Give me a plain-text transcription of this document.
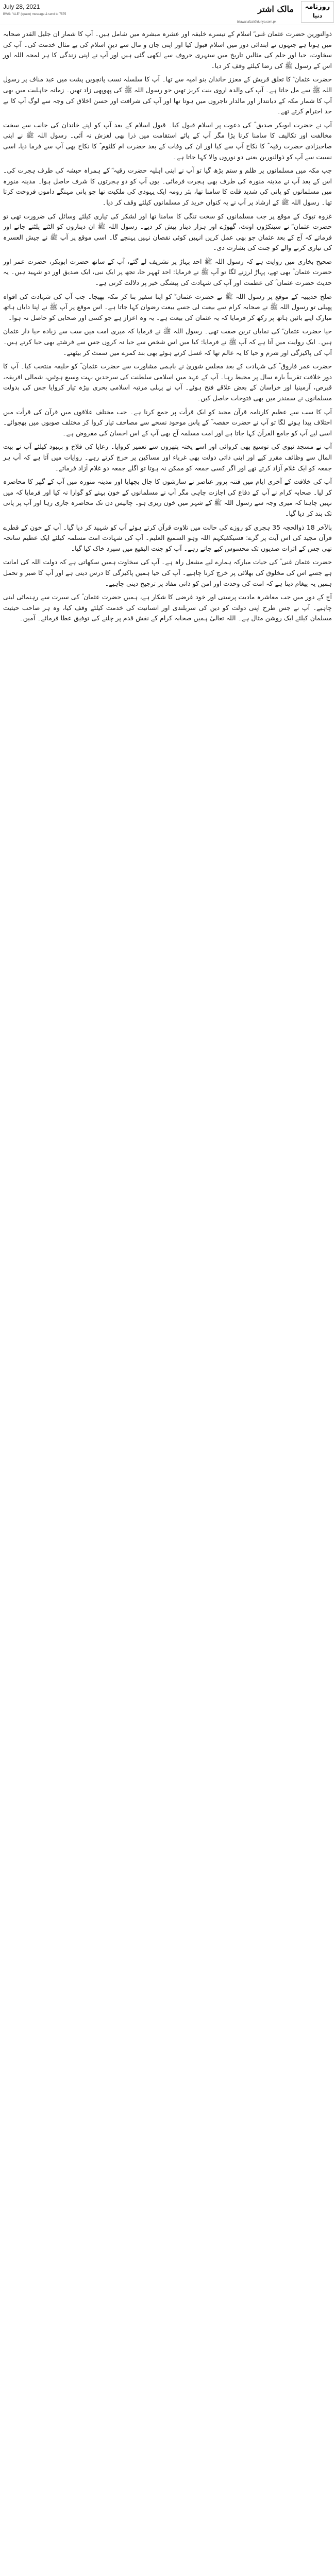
July 28, 2021
BWS: "ALE" (space) message & send to 7575
bilawal.afzal@dunya.com.pk
مالک اشتر	روزنامہ
دنیا

ذوالنورین حضرت عثمان غنی ؓ اسلام کے تیسرے خلیفہ اور عشرہ مبشرہ میں شامل ہیں۔ آپ کا شمار ان جلیل القدر صحابہ میں ہوتا ہے جنہوں نے ابتدائی دور میں اسلام قبول کیا اور اپنی جان و مال سے دینِ اسلام کی بے مثال خدمت کی۔ آپ کی سخاوت، حیا اور حلم کی مثالیں تاریخ میں سنہری حروف سے لکھی گئی ہیں اور آپ نے اپنی زندگی کا ہر لمحہ اللہ اور اس کے رسول ﷺ کی رضا کیلئے وقف کر دیا۔

حضرت عثمان ؓ کا تعلق قریش کے معزز خاندان بنو امیہ سے تھا۔ آپ کا سلسلہ نسب پانچویں پشت میں عبد مناف پر رسول اللہ ﷺ سے مل جاتا ہے۔ آپ کی والدہ اروی بنت کریز تھیں جو رسول اللہ ﷺ کی پھوپھی زاد تھیں۔ زمانہ جاہلیت میں بھی آپ کا شمار مکہ کے دیانتدار اور مالدار تاجروں میں ہوتا تھا اور آپ کی شرافت اور حسن اخلاق کی وجہ سے لوگ آپ کا بے حد احترام کرتے تھے۔

آپ نے حضرت ابوبکر صدیق ؓ کی دعوت پر اسلام قبول کیا۔ قبول اسلام کے بعد آپ کو اپنے خاندان کی جانب سے سخت مخالفت اور تکالیف کا سامنا کرنا پڑا مگر آپ کے پائے استقامت میں ذرا بھی لغزش نہ آئی۔ رسول اللہ ﷺ نے اپنی صاحبزادی حضرت رقیہ ؓ کا نکاح آپ سے کیا اور ان کی وفات کے بعد حضرت ام کلثوم ؓ کا نکاح بھی آپ سے فرما دیا، اسی نسبت سے آپ کو ذوالنورین یعنی دو نوروں والا کہا جاتا ہے۔

جب مکہ میں مسلمانوں پر ظلم و ستم بڑھ گیا تو آپ نے اپنی اہلیہ حضرت رقیہ ؓ کے ہمراہ حبشہ کی طرف ہجرت کی۔ اس کے بعد آپ نے مدینہ منورہ کی طرف بھی ہجرت فرمائی۔ یوں آپ کو دو ہجرتوں کا شرف حاصل ہوا۔ مدینہ منورہ میں مسلمانوں کو پانی کی شدید قلت کا سامنا تھا، بئر رومہ ایک یہودی کی ملکیت تھا جو پانی مہنگے داموں فروخت کرتا تھا۔ رسول اللہ ﷺ کے ارشاد پر آپ نے یہ کنواں خرید کر مسلمانوں کیلئے وقف کر دیا۔

غزوہ تبوک کے موقع پر جب مسلمانوں کو سخت تنگی کا سامنا تھا اور لشکر کی تیاری کیلئے وسائل کی ضرورت تھی تو حضرت عثمان ؓ نے سینکڑوں اونٹ، گھوڑے اور ہزار دینار پیش کر دیے۔ رسول اللہ ﷺ ان دیناروں کو الٹتے پلٹتے جاتے اور فرماتے کہ آج کے بعد عثمان جو بھی عمل کریں انہیں کوئی نقصان نہیں پہنچے گا۔ اسی موقع پر آپ ﷺ نے جیش العسرہ کی تیاری کرنے والے کو جنت کی بشارت دی۔

صحیح بخاری میں روایت ہے کہ رسول اللہ ﷺ احد پہاڑ پر تشریف لے گئے، آپ کے ساتھ حضرت ابوبکر، حضرت عمر اور حضرت عثمان ؓ بھی تھے، پہاڑ لرزنے لگا تو آپ ﷺ نے فرمایا: احد ٹھہر جا، تجھ پر ایک نبی، ایک صدیق اور دو شہید ہیں۔ یہ حدیث حضرت عثمان ؓ کی عظمت اور آپ کی شہادت کی پیشگی خبر پر دلالت کرتی ہے۔

صلح حدیبیہ کے موقع پر رسول اللہ ﷺ نے حضرت عثمان ؓ کو اپنا سفیر بنا کر مکہ بھیجا۔ جب آپ کی شہادت کی افواہ پھیلی تو رسول اللہ ﷺ نے صحابہ کرام سے بیعت لی جسے بیعت رضوان کہا جاتا ہے۔ اس موقع پر آپ ﷺ نے اپنا دایاں ہاتھ مبارک اپنے بائیں ہاتھ پر رکھ کر فرمایا کہ یہ عثمان کی بیعت ہے۔ یہ وہ اعزاز ہے جو کسی اور صحابی کو حاصل نہ ہوا۔

حیا حضرت عثمان ؓ کی نمایاں ترین صفت تھی۔ رسول اللہ ﷺ نے فرمایا کہ میری امت میں سب سے زیادہ حیا دار عثمان ہیں۔ ایک روایت میں آتا ہے کہ آپ ﷺ نے فرمایا: کیا میں اس شخص سے حیا نہ کروں جس سے فرشتے بھی حیا کرتے ہیں۔ آپ کی پاکیزگی اور شرم و حیا کا یہ عالم تھا کہ غسل کرتے ہوئے بھی بند کمرے میں سمٹ کر بیٹھتے۔

حضرت عمر فاروق ؓ کی شہادت کے بعد مجلس شوریٰ نے باہمی مشاورت سے حضرت عثمان ؓ کو خلیفہ منتخب کیا۔ آپ کا دور خلافت تقریباً بارہ سال پر محیط رہا۔ آپ کے عہد میں اسلامی سلطنت کی سرحدیں بہت وسیع ہوئیں، شمالی افریقہ، قبرص، آرمینیا اور خراسان کے بعض علاقے فتح ہوئے۔ آپ نے پہلی مرتبہ اسلامی بحری بیڑہ تیار کروایا جس کی بدولت مسلمانوں نے سمندر میں بھی فتوحات حاصل کیں۔

آپ کا سب سے عظیم کارنامہ قرآن مجید کو ایک قرأت پر جمع کرنا ہے۔ جب مختلف علاقوں میں قرآن کی قرأت میں اختلاف پیدا ہونے لگا تو آپ نے حضرت حفصہ ؓ کے پاس موجود نسخے سے مصاحف تیار کروا کر مختلف صوبوں میں بھجوائے۔ اسی لیے آپ کو جامع القرآن کہا جاتا ہے اور امت مسلمہ آج بھی آپ کے اس احسان کی مقروض ہے۔

آپ نے مسجد نبوی کی توسیع بھی کروائی اور اسے پختہ پتھروں سے تعمیر کروایا۔ رعایا کی فلاح و بہبود کیلئے آپ نے بیت المال سے وظائف مقرر کیے اور اپنی ذاتی دولت بھی غرباء اور مساکین پر خرچ کرتے رہے۔ روایات میں آتا ہے کہ آپ ہر جمعہ کو ایک غلام آزاد کرتے تھے اور اگر کسی جمعہ کو ممکن نہ ہوتا تو اگلے جمعہ دو غلام آزاد فرماتے۔

آپ کی خلافت کے آخری ایام میں فتنہ پرور عناصر نے سازشوں کا جال بچھایا اور مدینہ منورہ میں آپ کے گھر کا محاصرہ کر لیا۔ صحابہ کرام نے آپ کے دفاع کی اجازت چاہی مگر آپ نے مسلمانوں کے خون بہنے کو گوارا نہ کیا اور فرمایا کہ میں نہیں چاہتا کہ میری وجہ سے رسول اللہ ﷺ کے شہر میں خون ریزی ہو۔ چالیس دن تک محاصرہ جاری رہا اور آپ پر پانی تک بند کر دیا گیا۔

بالآخر 18 ذوالحجہ 35 ہجری کو روزے کی حالت میں تلاوت قرآن کرتے ہوئے آپ کو شہید کر دیا گیا۔ آپ کے خون کے قطرے قرآن مجید کی اس آیت پر گرے: فسیکفیکہم اللہ وہو السمیع العلیم۔ آپ کی شہادت امت مسلمہ کیلئے ایک عظیم سانحہ تھی جس کے اثرات صدیوں تک محسوس کیے جاتے رہے۔ آپ کو جنت البقیع میں سپرد خاک کیا گیا۔

حضرت عثمان غنی ؓ کی حیات مبارکہ ہمارے لیے مشعل راہ ہے۔ آپ کی سخاوت ہمیں سکھاتی ہے کہ دولت اللہ کی امانت ہے جسے اس کی مخلوق کی بھلائی پر خرچ کرنا چاہیے۔ آپ کی حیا ہمیں پاکیزگی کا درس دیتی ہے اور آپ کا صبر و تحمل ہمیں یہ پیغام دیتا ہے کہ امت کی وحدت اور امن کو ذاتی مفاد پر ترجیح دینی چاہیے۔

آج کے دور میں جب معاشرہ مادیت پرستی اور خود غرضی کا شکار ہے، ہمیں حضرت عثمان ؓ کی سیرت سے رہنمائی لینی چاہیے۔ آپ نے جس طرح اپنی دولت کو دین کی سربلندی اور انسانیت کی خدمت کیلئے وقف کیا، وہ ہر صاحب حیثیت مسلمان کیلئے ایک روشن مثال ہے۔ اللہ تعالیٰ ہمیں صحابہ کرام کے نقش قدم پر چلنے کی توفیق عطا فرمائے۔ آمین۔
